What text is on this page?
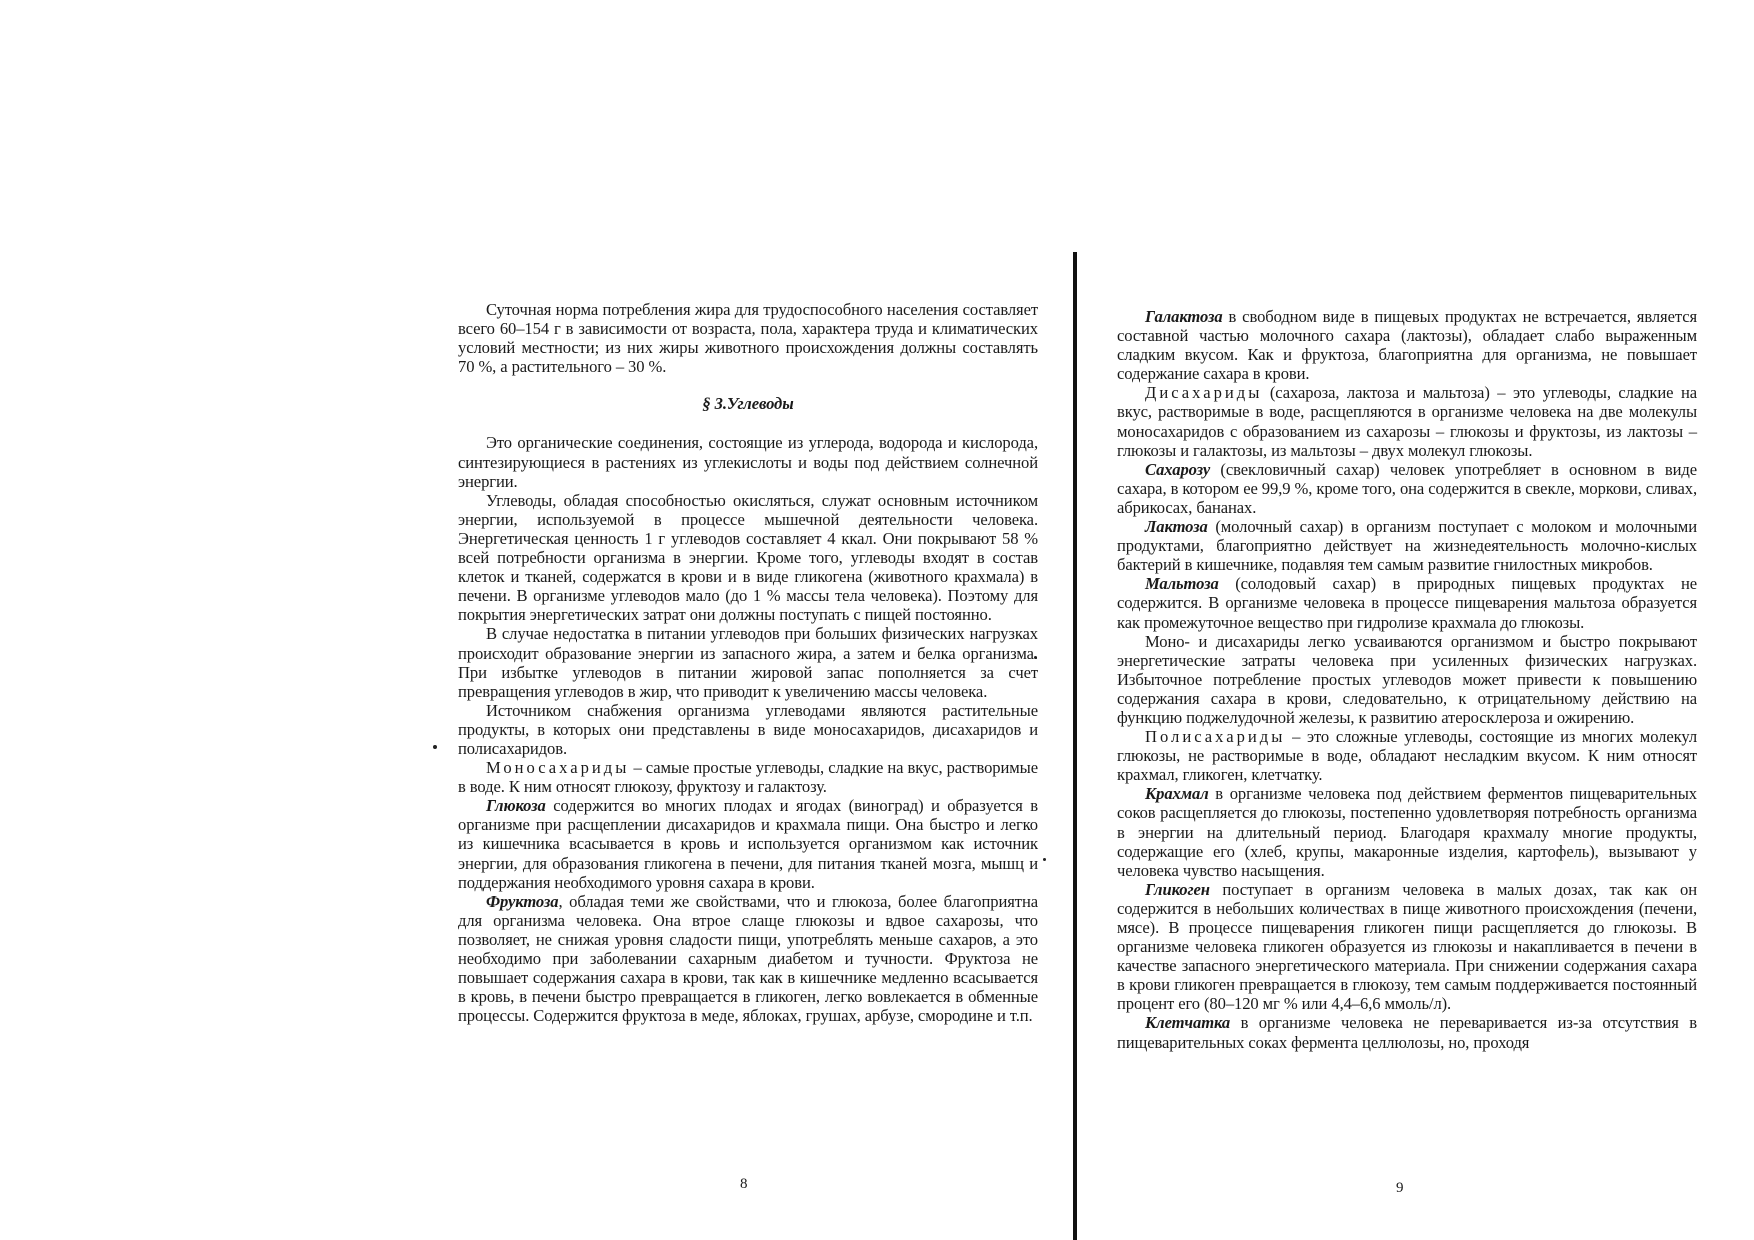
Суточная норма потребления жира для трудоспособного населения составляет всего 60–154 г в зависимости от возраста, пола, характера труда и климатических условий местности; из них жиры животного происхождения должны составлять 70 %, а растительного – 30 %.

§ 3.Углеводы

Это органические соединения, состоящие из углерода, водорода и кислорода, синтезирующиеся в растениях из углекислоты и воды под действием солнечной энергии.

Углеводы, обладая способностью окисляться, служат основным источником энергии, используемой в процессе мышечной деятельности человека. Энергетическая ценность 1 г углеводов составляет 4 ккал. Они покрывают 58 % всей потребности организма в энергии. Кроме того, углеводы входят в состав клеток и тканей, содержатся в крови и в виде гликогена (животного крахмала) в печени. В организме углеводов мало (до 1 % массы тела человека). Поэтому для покрытия энергетических затрат они должны поступать с пищей постоянно.

В случае недостатка в питании углеводов при больших физических нагрузках происходит образование энергии из запасного жира, а затем и белка организма. При избытке углеводов в питании жировой запас пополняется за счет превращения углеводов в жир, что приводит к увеличению массы человека.

Источником снабжения организма углеводами являются растительные продукты, в которых они представлены в виде моносахаридов, дисахаридов и полисахаридов.

Моносахариды – самые простые углеводы, сладкие на вкус, растворимые в воде. К ним относят глюкозу, фруктозу и галактозу.

Глюкоза содержится во многих плодах и ягодах (виноград) и образуется в организме при расщеплении дисахаридов и крахмала пищи. Она быстро и легко из кишечника всасывается в кровь и используется организмом как источник энергии, для образования гликогена в печени, для питания тканей мозга, мышц и поддержания необходимого уровня сахара в крови.

Фруктоза, обладая теми же свойствами, что и глюкоза, более благоприятна для организма человека. Она втрое слаще глюкозы и вдвое сахарозы, что позволяет, не снижая уровня сладости пищи, употреблять меньше сахаров, а это необходимо при заболевании сахарным диабетом и тучности. Фруктоза не повышает содержания сахара в крови, так как в кишечнике медленно всасывается в кровь, в печени быстро превращается в гликоген, легко вовлекается в обменные процессы. Содержится фруктоза в меде, яблоках, грушах, арбузе, смородине и т.п.

8

Галактоза в свободном виде в пищевых продуктах не встречается, является составной частью молочного сахара (лактозы), обладает слабо выраженным сладким вкусом. Как и фруктоза, благоприятна для организма, не повышает содержание сахара в крови.

Дисахариды (сахароза, лактоза и мальтоза) – это углеводы, сладкие на вкус, растворимые в воде, расщепляются в организме человека на две молекулы моносахаридов с образованием из сахарозы – глюкозы и фруктозы, из лактозы – глюкозы и галактозы, из мальтозы – двух молекул глюкозы.

Сахарозу (свекловичный сахар) человек употребляет в основном в виде сахара, в котором ее 99,9 %, кроме того, она содержится в свекле, моркови, сливах, абрикосах, бананах.

Лактоза (молочный сахар) в организм поступает с молоком и молочными продуктами, благоприятно действует на жизнедеятельность молочно-кислых бактерий в кишечнике, подавляя тем самым развитие гнилостных микробов.

Мальтоза (солодовый сахар) в природных пищевых продуктах не содержится. В организме человека в процессе пищеварения мальтоза образуется как промежуточное вещество при гидролизе крахмала до глюкозы.

Моно- и дисахариды легко усваиваются организмом и быстро покрывают энергетические затраты человека при усиленных физических нагрузках. Избыточное потребление простых углеводов может привести к повышению содержания сахара в крови, следовательно, к отрицательному действию на функцию поджелудочной железы, к развитию атеросклероза и ожирению.

Полисахариды – это сложные углеводы, состоящие из многих молекул глюкозы, не растворимые в воде, обладают несладким вкусом. К ним относят крахмал, гликоген, клетчатку.

Крахмал в организме человека под действием ферментов пищеварительных соков расщепляется до глюкозы, постепенно удовлетворяя потребность организма в энергии на длительный период. Благодаря крахмалу многие продукты, содержащие его (хлеб, крупы, макаронные изделия, картофель), вызывают у человека чувство насыщения.

Гликоген поступает в организм человека в малых дозах, так как он содержится в небольших количествах в пище животного происхождения (печени, мясе). В процессе пищеварения гликоген пищи расщепляется до глюкозы. В организме человека гликоген образуется из глюкозы и накапливается в печени в качестве запасного энергетического материала. При снижении содержания сахара в крови гликоген превращается в глюкозу, тем самым поддерживается постоянный процент его (80–120 мг % или 4,4–6,6 ммоль/л).

Клетчатка в организме человека не переваривается из-за отсутствия в пищеварительных соках фермента целлюлозы, но, проходя

9
